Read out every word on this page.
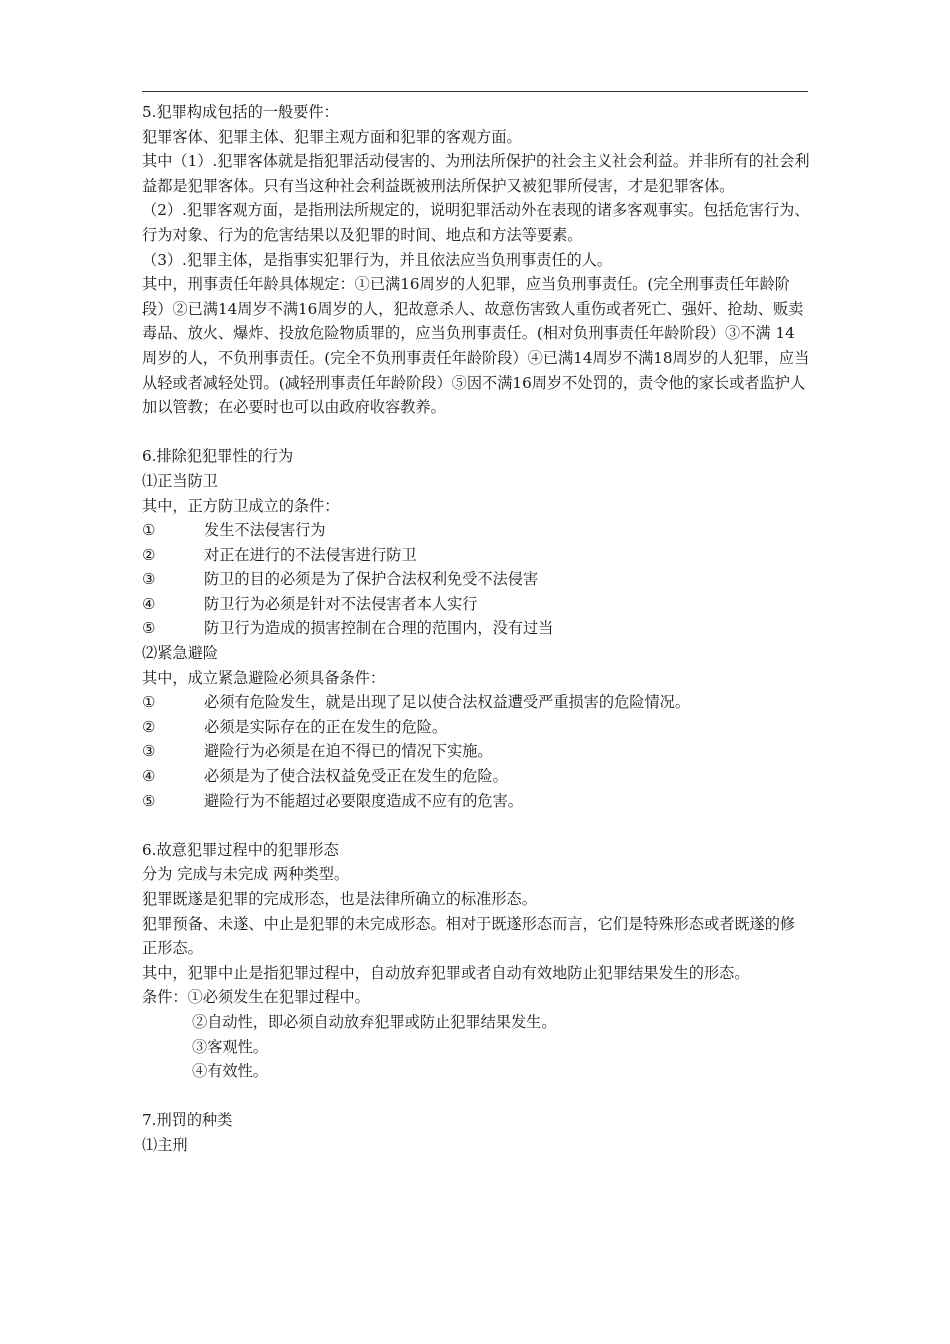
5.犯罪构成包括的一般要件：

犯罪客体、犯罪主体、犯罪主观方面和犯罪的客观方面。

其中（1）.犯罪客体就是指犯罪活动侵害的、为刑法所保护的社会主义社会利益。并非所有的社会利益都是犯罪客体。只有当这种社会利益既被刑法所保护又被犯罪所侵害，才是犯罪客体。

（2）.犯罪客观方面，是指刑法所规定的，说明犯罪活动外在表现的诸多客观事实。包括危害行为、行为对象、行为的危害结果以及犯罪的时间、地点和方法等要素。

（3）.犯罪主体，是指事实犯罪行为，并且依法应当负刑事责任的人。

其中，刑事责任年龄具体规定：①已满16周岁的人犯罪，应当负刑事责任。(完全刑事责任年龄阶段）②已满14周岁不满16周岁的人，犯故意杀人、故意伤害致人重伤或者死亡、强奸、抢劫、贩卖毒品、放火、爆炸、投放危险物质罪的，应当负刑事责任。(相对负刑事责任年龄阶段）③不满 14 周岁的人，不负刑事责任。(完全不负刑事责任年龄阶段）④已满14周岁不满18周岁的人犯罪，应当从轻或者减轻处罚。(减轻刑事责任年龄阶段）⑤因不满16周岁不处罚的，责令他的家长或者监护人加以管教；在必要时也可以由政府收容教养。

6.排除犯犯罪性的行为

⑴正当防卫

其中，正方防卫成立的条件：

①	发生不法侵害行为
②	对正在进行的不法侵害进行防卫
③	防卫的目的必须是为了保护合法权利免受不法侵害
④	防卫行为必须是针对不法侵害者本人实行
⑤	防卫行为造成的损害控制在合理的范围内，没有过当

⑵紧急避险

其中，成立紧急避险必须具备条件：

①	必须有危险发生，就是出现了足以使合法权益遭受严重损害的危险情况。
②	必须是实际存在的正在发生的危险。
③	避险行为必须是在迫不得已的情况下实施。
④	必须是为了使合法权益免受正在发生的危险。
⑤	避险行为不能超过必要限度造成不应有的危害。

6.故意犯罪过程中的犯罪形态

分为 完成与未完成 两种类型。

犯罪既遂是犯罪的完成形态，也是法律所确立的标准形态。

犯罪预备、未遂、中止是犯罪的未完成形态。相对于既遂形态而言，它们是特殊形态或者既遂的修正形态。

其中，犯罪中止是指犯罪过程中，自动放弃犯罪或者自动有效地防止犯罪结果发生的形态。

条件：①必须发生在犯罪过程中。

②自动性，即必须自动放弃犯罪或防止犯罪结果发生。

③客观性。

④有效性。

7.刑罚的种类

⑴主刑
